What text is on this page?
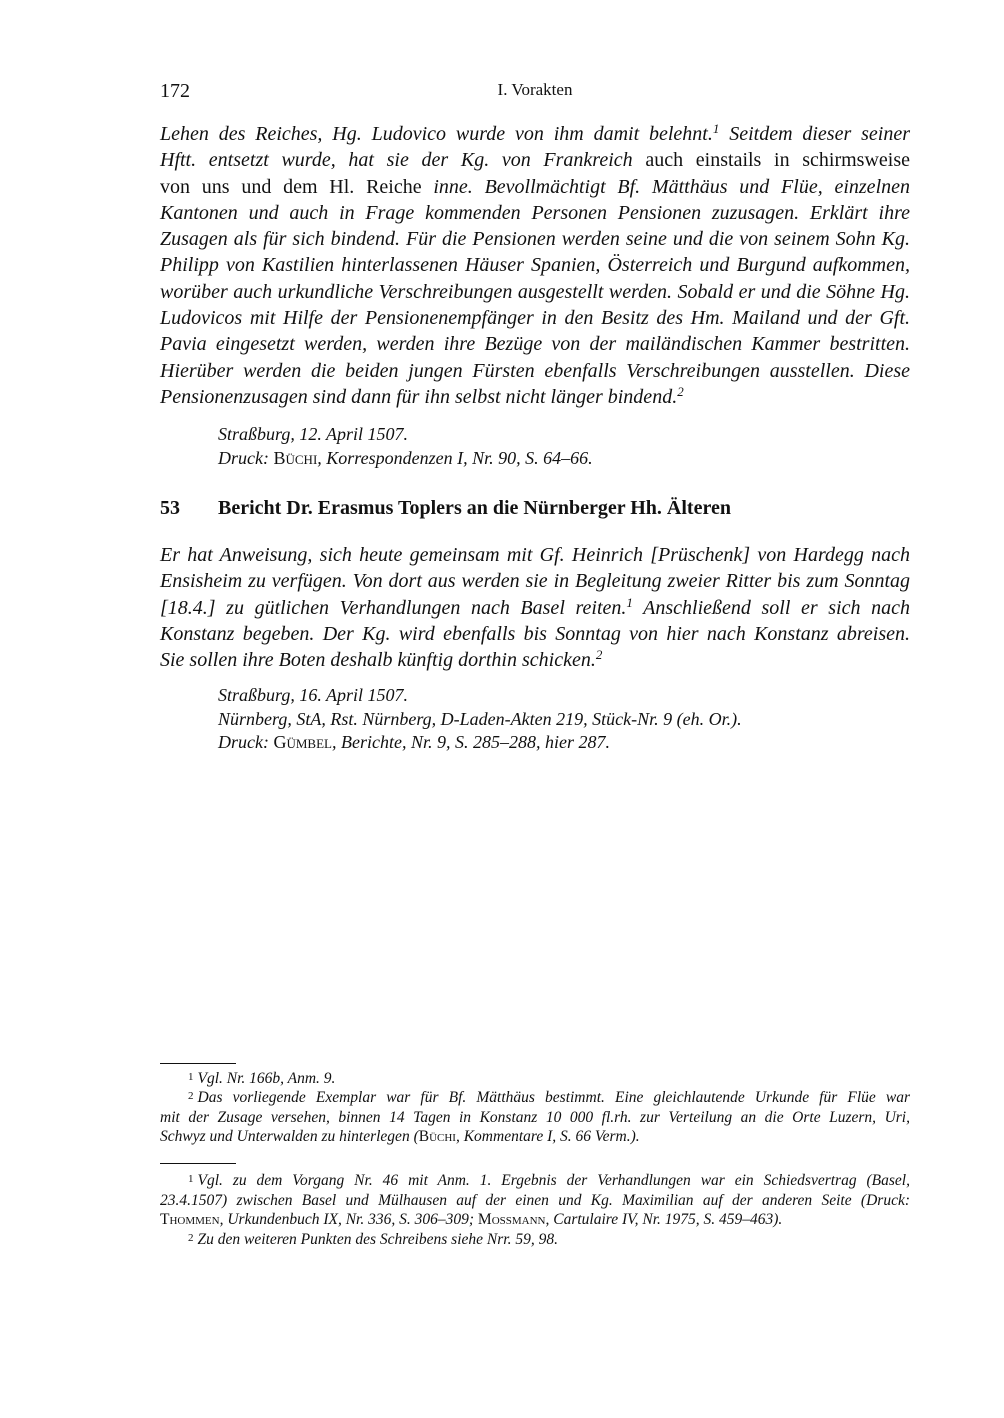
172	I. Vorakten
Lehen des Reiches, Hg. Ludovico wurde von ihm damit belehnt.$^1$ Seitdem dieser seiner
Hftt. entsetzt wurde, hat sie der Kg. von Frankreich auch einstails in schirmsweise
von uns und dem Hl. Reiche inne. Bevollmächtigt Bf. Mätthäus und Flüe, einzelnen
Kantonen und auch in Frage kommenden Personen Pensionen zuzusagen. Erklärt ihre
Zusagen als für sich bindend. Für die Pensionen werden seine und die von seinem Sohn Kg.
Philipp von Kastilien hinterlassenen Häuser Spanien, Österreich und Burgund aufkommen,
worüber auch urkundliche Verschreibungen ausgestellt werden. Sobald er und die Söhne Hg.
Ludovicos mit Hilfe der Pensionenempfänger in den Besitz des Hm. Mailand und der Gft.
Pavia eingesetzt werden, werden ihre Bezüge von der mailändischen Kammer bestritten.
Hierüber werden die beiden jungen Fürsten ebenfalls Verschreibungen ausstellen. Diese
Pensionenzusagen sind dann für ihn selbst nicht länger bindend.$^2$
Straßburg, 12. April 1507.
Druck: Büchi, Korrespondenzen I, Nr. 90, S. 64–66.
53 Bericht Dr. Erasmus Toplers an die Nürnberger Hh. Älteren
Er hat Anweisung, sich heute gemeinsam mit Gf. Heinrich [Prüschenk] von Hardegg nach
Ensisheim zu verfügen. Von dort aus werden sie in Begleitung zweier Ritter bis zum Sonntag
[18.4.] zu gütlichen Verhandlungen nach Basel reiten.$^1$ Anschließend soll er sich nach
Konstanz begeben. Der Kg. wird ebenfalls bis Sonntag von hier nach Konstanz abreisen.
Sie sollen ihre Boten deshalb künftig dorthin schicken.$^2$
Straßburg, 16. April 1507.
Nürnberg, StA, Rst. Nürnberg, D-Laden-Akten 219, Stück-Nr. 9 (eh. Or.).
Druck: Gümbel, Berichte, Nr. 9, S. 285–288, hier 287.
1 Vgl. Nr. 166b, Anm. 9.
2 Das vorliegende Exemplar war für Bf. Mätthäus bestimmt. Eine gleichlautende Urkunde für Flüe war
mit der Zusage versehen, binnen 14 Tagen in Konstanz 10 000 fl.rh. zur Verteilung an die Orte Luzern, Uri,
Schwyz und Unterwalden zu hinterlegen (Büchi, Kommentare I, S. 66 Verm.).
1 Vgl. zu dem Vorgang Nr. 46 mit Anm. 1. Ergebnis der Verhandlungen war ein Schiedsvertrag (Basel,
23.4.1507) zwischen Basel und Mülhausen auf der einen und Kg. Maximilian auf der anderen Seite (Druck:
Thommen, Urkundenbuch IX, Nr. 336, S. 306–309; Mossmann, Cartulaire IV, Nr. 1975, S. 459–463).
2 Zu den weiteren Punkten des Schreibens siehe Nrr. 59, 98.
